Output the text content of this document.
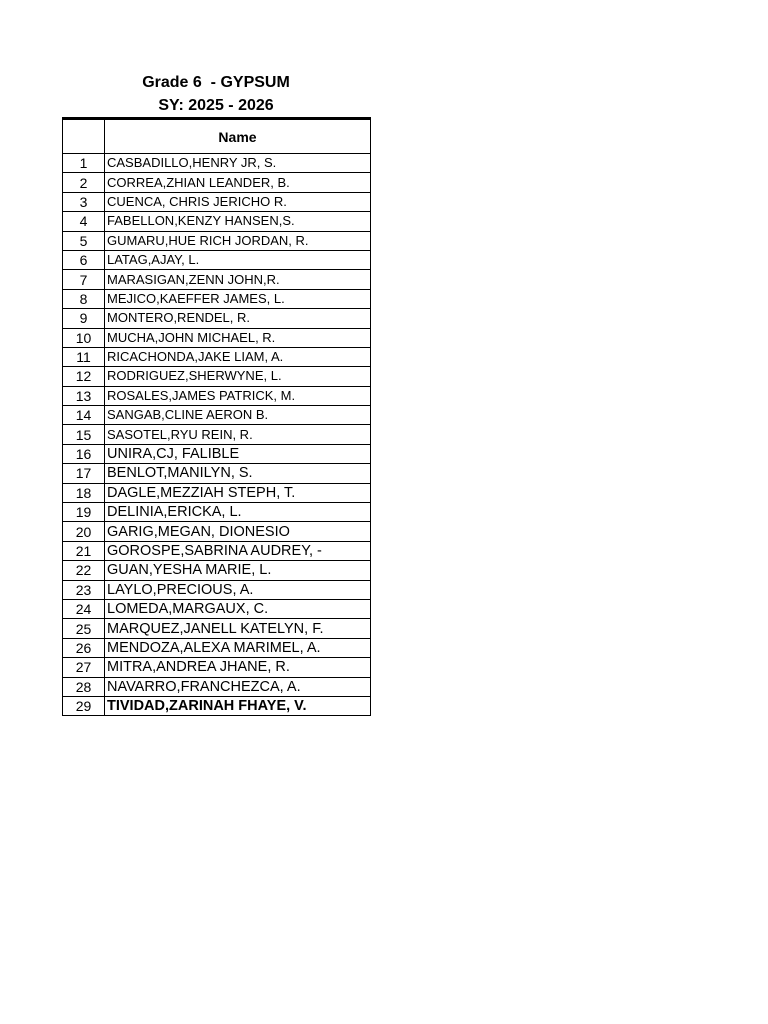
Grade 6  - GYPSUM
SY: 2025 - 2026
	Name
1	CASBADILLO,HENRY JR, S.
2	CORREA,ZHIAN LEANDER, B.
3	CUENCA, CHRIS JERICHO R.
4	FABELLON,KENZY HANSEN,S.
5	GUMARU,HUE RICH JORDAN, R.
6	LATAG,AJAY, L.
7	MARASIGAN,ZENN JOHN,R.
8	MEJICO,KAEFFER JAMES, L.
9	MONTERO,RENDEL, R.
10	MUCHA,JOHN MICHAEL, R.
11	RICACHONDA,JAKE LIAM, A.
12	RODRIGUEZ,SHERWYNE, L.
13	ROSALES,JAMES PATRICK, M.
14	SANGAB,CLINE AERON B.
15	SASOTEL,RYU REIN, R.
16	UNIRA,CJ, FALIBLE
17	BENLOT,MANILYN, S.
18	DAGLE,MEZZIAH STEPH, T.
19	DELINIA,ERICKA, L.
20	GARIG,MEGAN, DIONESIO
21	GOROSPE,SABRINA AUDREY, -
22	GUAN,YESHA MARIE, L.
23	LAYLO,PRECIOUS, A.
24	LOMEDA,MARGAUX, C.
25	MARQUEZ,JANELL KATELYN, F.
26	MENDOZA,ALEXA MARIMEL, A.
27	MITRA,ANDREA JHANE, R.
28	NAVARRO,FRANCHEZCA, A.
29	TIVIDAD,ZARINAH FHAYE, V.
